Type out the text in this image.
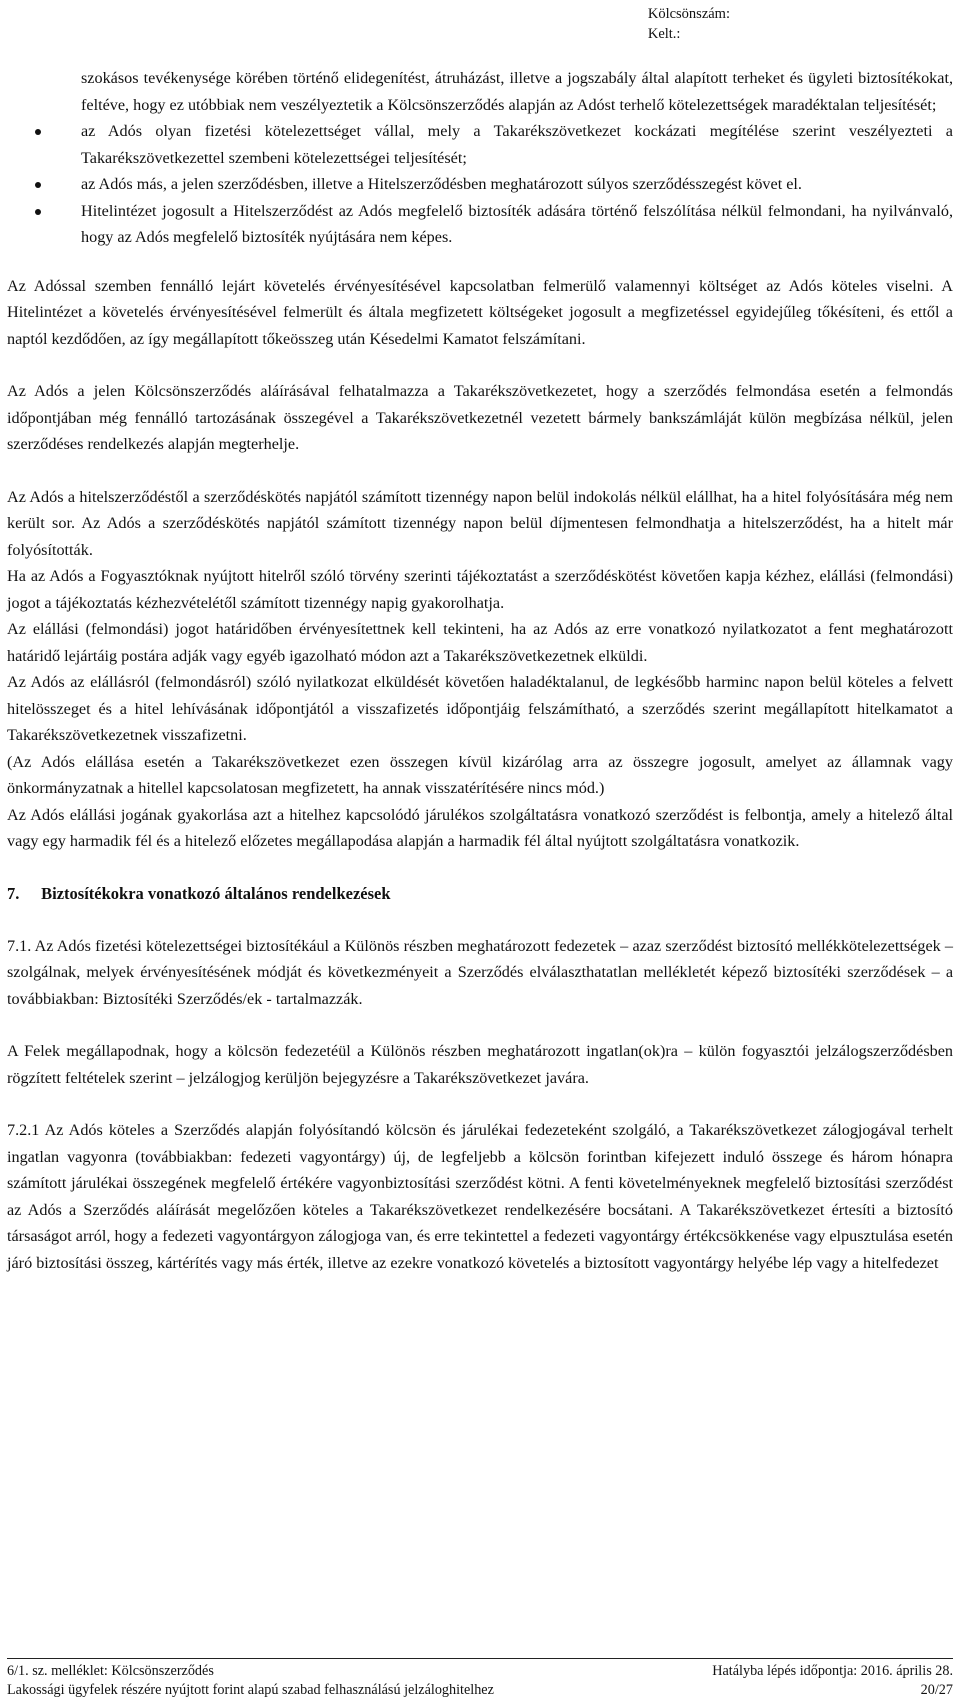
Kölcsönszám:
Kelt.:

szokásos tevékenysége körében történő elidegenítést, átruházást, illetve a jogszabály által alapított terheket és ügyleti biztosítékokat, feltéve, hogy ez utóbbiak nem veszélyeztetik a Kölcsönszerződés alapján az Adóst terhelő kötelezettségek maradéktalan teljesítését;

az Adós olyan fizetési kötelezettséget vállal, mely a Takarékszövetkezet kockázati megítélése szerint veszélyezteti a Takarékszövetkezettel szembeni kötelezettségei teljesítését;
az Adós más, a jelen szerződésben, illetve a Hitelszerződésben meghatározott súlyos szerződésszegést követ el.
Hitelintézet jogosult a Hitelszerződést az Adós megfelelő biztosíték adására történő felszólítása nélkül felmondani, ha nyilvánvaló, hogy az Adós megfelelő biztosíték nyújtására nem képes.

Az Adóssal szemben fennálló lejárt követelés érvényesítésével kapcsolatban felmerülő valamennyi költséget az Adós köteles viselni. A Hitelintézet a követelés érvényesítésével felmerült és általa megfizetett költségeket jogosult a megfizetéssel egyidejűleg tőkésíteni, és ettől a naptól kezdődően, az így megállapított tőkeösszeg után Késedelmi Kamatot felszámítani.

Az Adós a jelen Kölcsönszerződés aláírásával felhatalmazza a Takarékszövetkezetet, hogy a szerződés felmondása esetén a felmondás időpontjában még fennálló tartozásának összegével a Takarékszövetkezetnél vezetett bármely bankszámláját külön megbízása nélkül, jelen szerződéses rendelkezés alapján megterhelje.

Az Adós a hitelszerződéstől a szerződéskötés napjától számított tizennégy napon belül indokolás nélkül elállhat, ha a hitel folyósítására még nem került sor. Az Adós a szerződéskötés napjától számított tizennégy napon belül díjmentesen felmondhatja a hitelszerződést, ha a hitelt már folyósították.

Ha az Adós a Fogyasztóknak nyújtott hitelről szóló törvény szerinti tájékoztatást a szerződéskötést követően kapja kézhez, elállási (felmondási) jogot a tájékoztatás kézhezvételétől számított tizennégy napig gyakorolhatja.

Az elállási (felmondási) jogot határidőben érvényesítettnek kell tekinteni, ha az Adós az erre vonatkozó nyilatkozatot a fent meghatározott határidő lejártáig postára adják vagy egyéb igazolható módon azt a Takarékszövetkezetnek elküldi.

Az Adós az elállásról (felmondásról) szóló nyilatkozat elküldését követően haladéktalanul, de legkésőbb harminc napon belül köteles a felvett hitelösszeget és a hitel lehívásának időpontjától a visszafizetés időpontjáig felszámítható, a szerződés szerint megállapított hitelkamatot a Takarékszövetkezetnek visszafizetni.

(Az Adós elállása esetén a Takarékszövetkezet ezen összegen kívül kizárólag arra az összegre jogosult, amelyet az államnak vagy önkormányzatnak a hitellel kapcsolatosan megfizetett, ha annak visszatérítésére nincs mód.)

Az Adós elállási jogának gyakorlása azt a hitelhez kapcsolódó járulékos szolgáltatásra vonatkozó szerződést is felbontja, amely a hitelező által vagy egy harmadik fél és a hitelező előzetes megállapodása alapján a harmadik fél által nyújtott szolgáltatásra vonatkozik.

7. Biztosítékokra vonatkozó általános rendelkezések

7.1. Az Adós fizetési kötelezettségei biztosítékául a Különös részben meghatározott fedezetek – azaz szerződést biztosító mellékkötelezettségek – szolgálnak, melyek érvényesítésének módját és következményeit a Szerződés elválaszthatatlan mellékletét képező biztosítéki szerződések – a továbbiakban: Biztosítéki Szerződés/ek - tartalmazzák.

A Felek megállapodnak, hogy a kölcsön fedezetéül a Különös részben meghatározott ingatlan(ok)ra – külön fogyasztói jelzálogszerződésben rögzített feltételek szerint – jelzálogjog kerüljön bejegyzésre a Takarékszövetkezet javára.

7.2.1 Az Adós köteles a Szerződés alapján folyósítandó kölcsön és járulékai fedezeteként szolgáló, a Takarékszövetkezet zálogjogával terhelt ingatlan vagyonra (továbbiakban: fedezeti vagyontárgy) új, de legfeljebb a kölcsön forintban kifejezett induló összege és három hónapra számított járulékai összegének megfelelő értékére vagyonbiztosítási szerződést kötni. A fenti követelményeknek megfelelő biztosítási szerződést az Adós a Szerződés aláírását megelőzően köteles a Takarékszövetkezet rendelkezésére bocsátani. A Takarékszövetkezet értesíti a biztosító társaságot arról, hogy a fedezeti vagyontárgyon zálogjoga van, és erre tekintettel a fedezeti vagyontárgy értékcsökkenése vagy elpusztulása esetén járó biztosítási összeg, kártérítés vagy más érték, illetve az ezekre vonatkozó követelés a biztosított vagyontárgy helyébe lép vagy a hitelfedezet

6/1. sz. melléklet: Kölcsönszerződés	Hatályba lépés időpontja: 2016. április 28.
Lakossági ügyfelek részére nyújtott forint alapú szabad felhasználású jelzáloghitelhez	20/27
